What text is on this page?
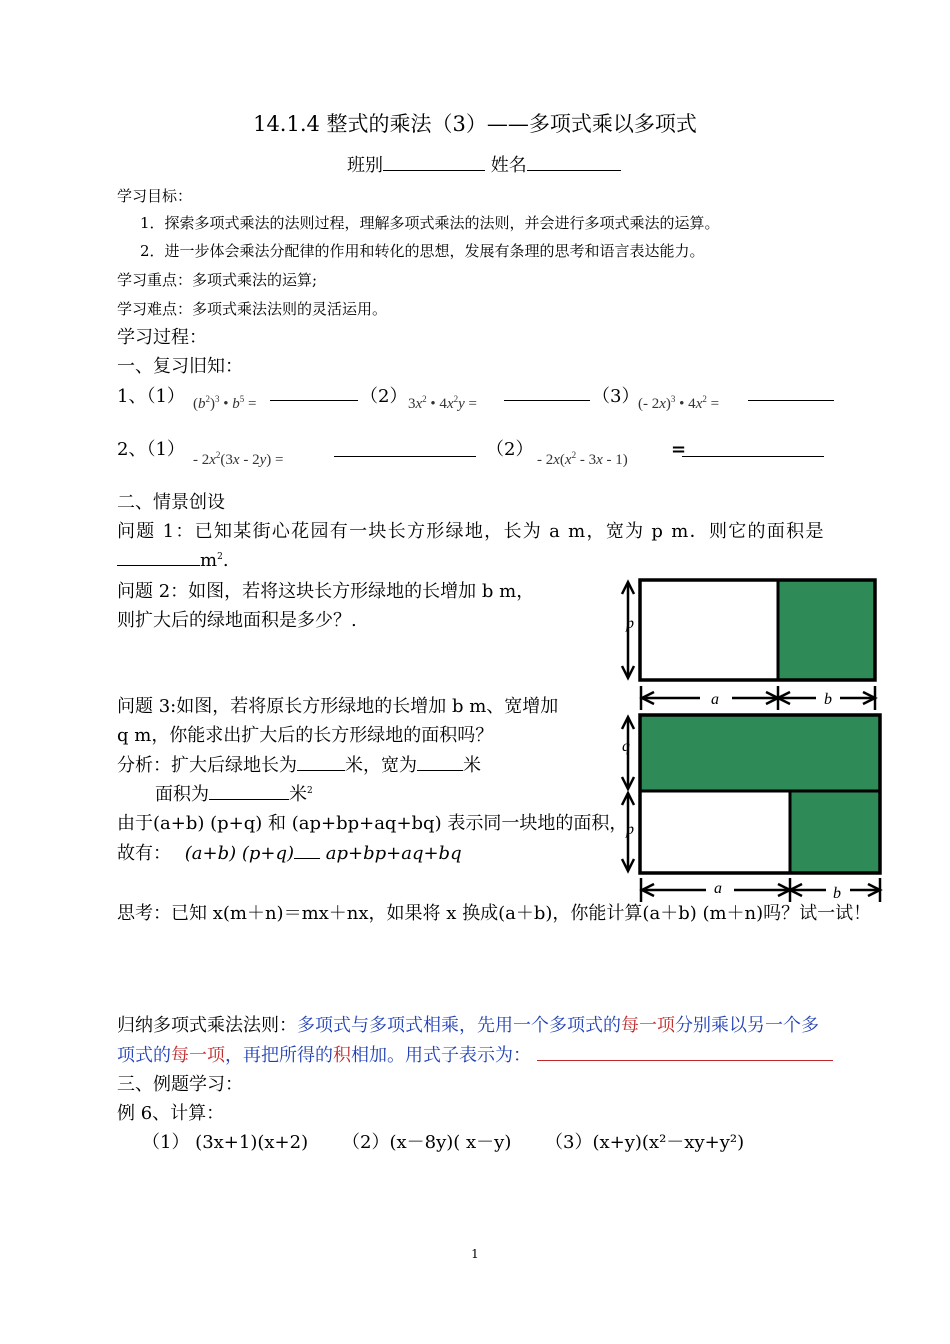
14.1.4 整式的乘法（3）——多项式乘以多项式
班别	姓名
学习目标：
1．探索多项式乘法的法则过程，理解多项式乘法的法则，并会进行多项式乘法的运算。
2．进一步体会乘法分配律的作用和转化的思想，发展有条理的思考和语言表达能力。
学习重点：多项式乘法的运算;
学习难点：多项式乘法法则的灵活运用。
学习过程：
一、复习旧知：
1、（1） $(b^2)^3$ • $b^5$ =	（2） $3x^2$ • $4x^2y$ =	（3）
(- 2x)$^3$ • $4x^2$ =
2、$(1) - 2x^2(3x - 2y)$ =	$(2) - 2x(x^2 - 3x - 1)$ =
二、情景创设
问题 1：已知某街心花园有一块长方形绿地，长为 a m，宽为 p m．则它的面积是
$m^2$.
问题 2：如图，若将这块长方形绿地的长增加 b m，
则扩大后的绿地面积是多少？.
问题 3:如图，若将原长方形绿地的长增加 b m、宽增加
q m，你能求出扩大后的长方形绿地的面积吗？
分析：扩大后绿地长为	米，宽为	米
面积为	米$^2$
由于(a+b) (p+q) 和 (ap+bp+aq+bq) 表示同一块地的面积，
故有： (a+b) (p+q) ap+bp+aq+bq
p
a	b
q
p
a	b
思考：已知 x(m＋n)＝mx＋nx，如果将 x 换成(a＋b)，你能计算(a＋b) (m＋n)吗？试一试！
归纳多项式乘法法则：多项式与多项式相乘，先用一个多项式的每一项分别乘以另一个多
项式的每一项，再把所得的积相加。用式子表示为：
三、例题学习：
例 6、计算：
（1） (3x+1)(x+2) （2）(x－8y)( x－y) （3）(x+y)(x²－xy+y²)
1
